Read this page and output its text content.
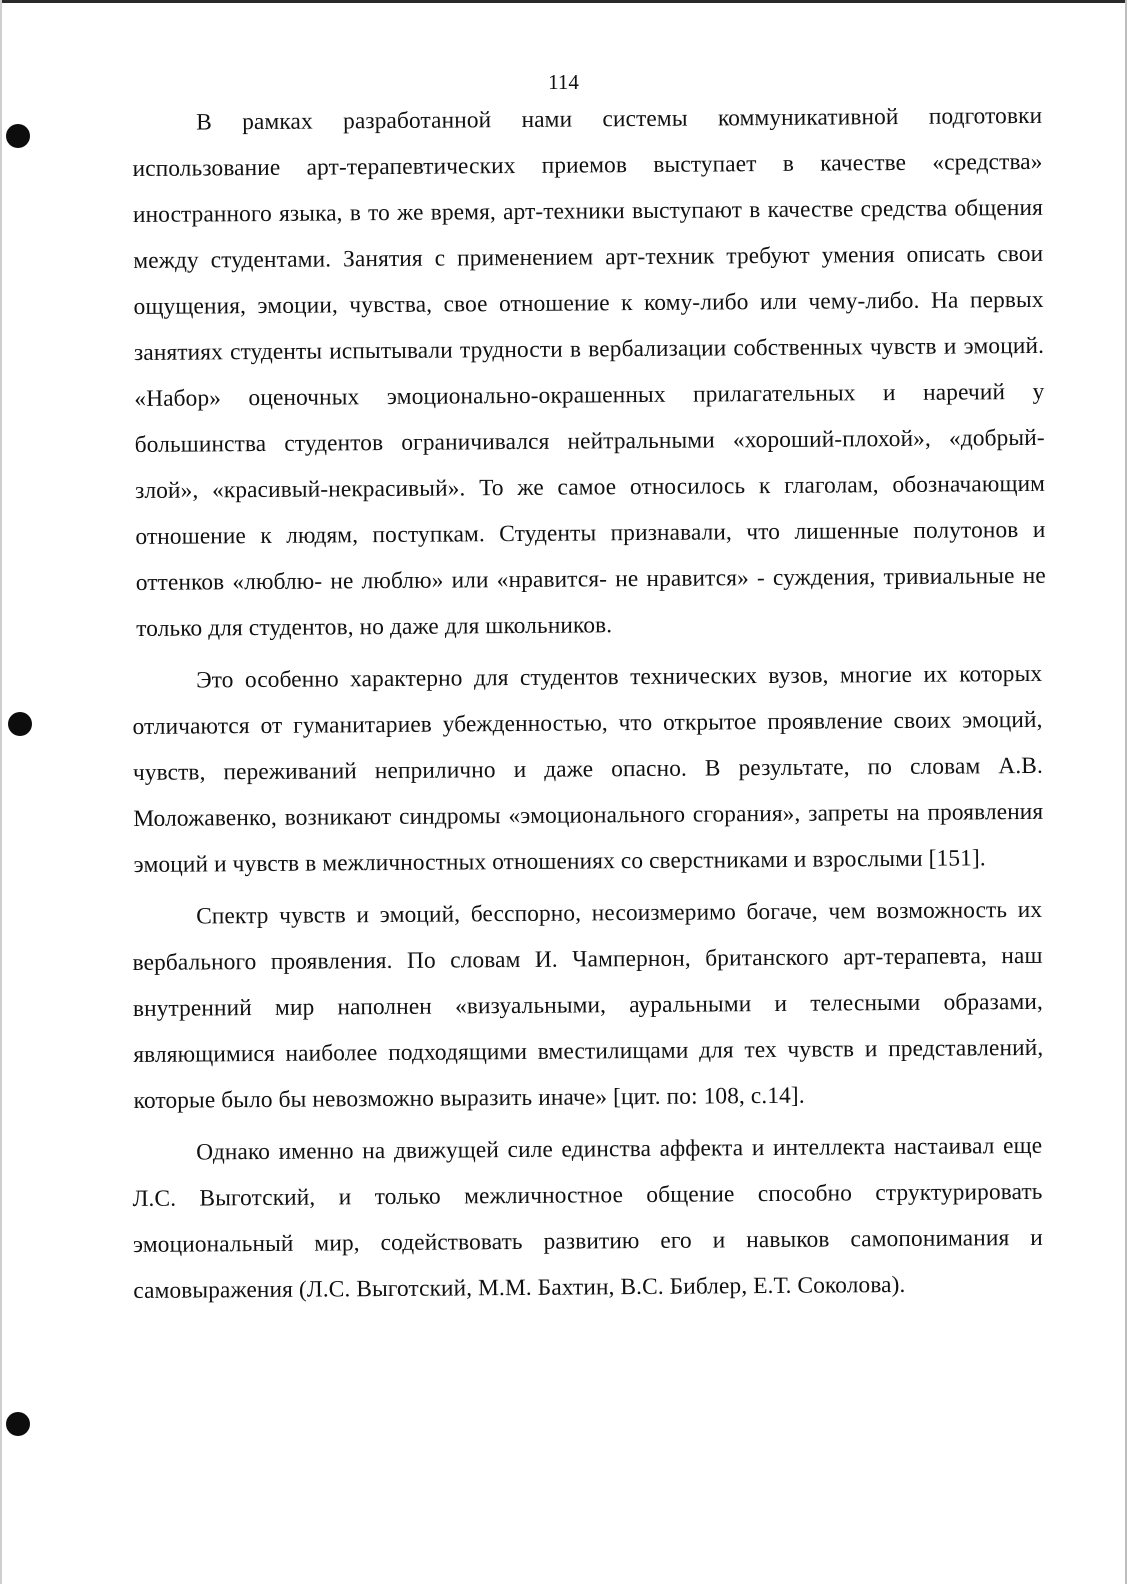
114

В рамках разработанной нами системы коммуникативной подготовки использование арт-терапевтических приемов выступает в качестве «средства» иностранного языка, в то же время, арт-техники выступают в качестве средства общения между студентами. Занятия с применением арт-техник требуют умения описать свои ощущения, эмоции, чувства, свое отношение к кому-либо или чему-либо. На первых занятиях студенты испытывали трудности в вербализации собственных чувств и эмоций. «Набор» оценочных эмоционально-окрашенных прилагательных и наречий у большинства студентов ограничивался нейтральными «хороший-плохой», «добрый-злой», «красивый-некрасивый». То же самое относилось к глаголам, обозначающим отношение к людям, поступкам. Студенты признавали, что лишенные полутонов и оттенков «люблю- не люблю» или «нравится- не нравится» - суждения, тривиальные не только для студентов, но даже для школьников.

Это особенно характерно для студентов технических вузов, многие их которых отличаются от гуманитариев убежденностью, что открытое проявление своих эмоций, чувств, переживаний неприлично и даже опасно. В результате, по словам А.В. Моложавенко, возникают синдромы «эмоционального сгорания», запреты на проявления эмоций и чувств в межличностных отношениях со сверстниками и взрослыми [151].

Спектр чувств и эмоций, бесспорно, несоизмеримо богаче, чем возможность их вербального проявления. По словам И. Чампернон, британского арт-терапевта, наш внутренний мир наполнен «визуальными, ауральными и телесными образами, являющимися наиболее подходящими вместилищами для тех чувств и представлений, которые было бы невозможно выразить иначе» [цит. по: 108, с.14].

Однако именно на движущей силе единства аффекта и интеллекта настаивал еще Л.С. Выготский, и только межличностное общение способно структурировать эмоциональный мир, содействовать развитию его и навыков самопонимания и самовыражения (Л.С. Выготский, М.М. Бахтин, В.С. Библер, Е.Т. Соколова).
